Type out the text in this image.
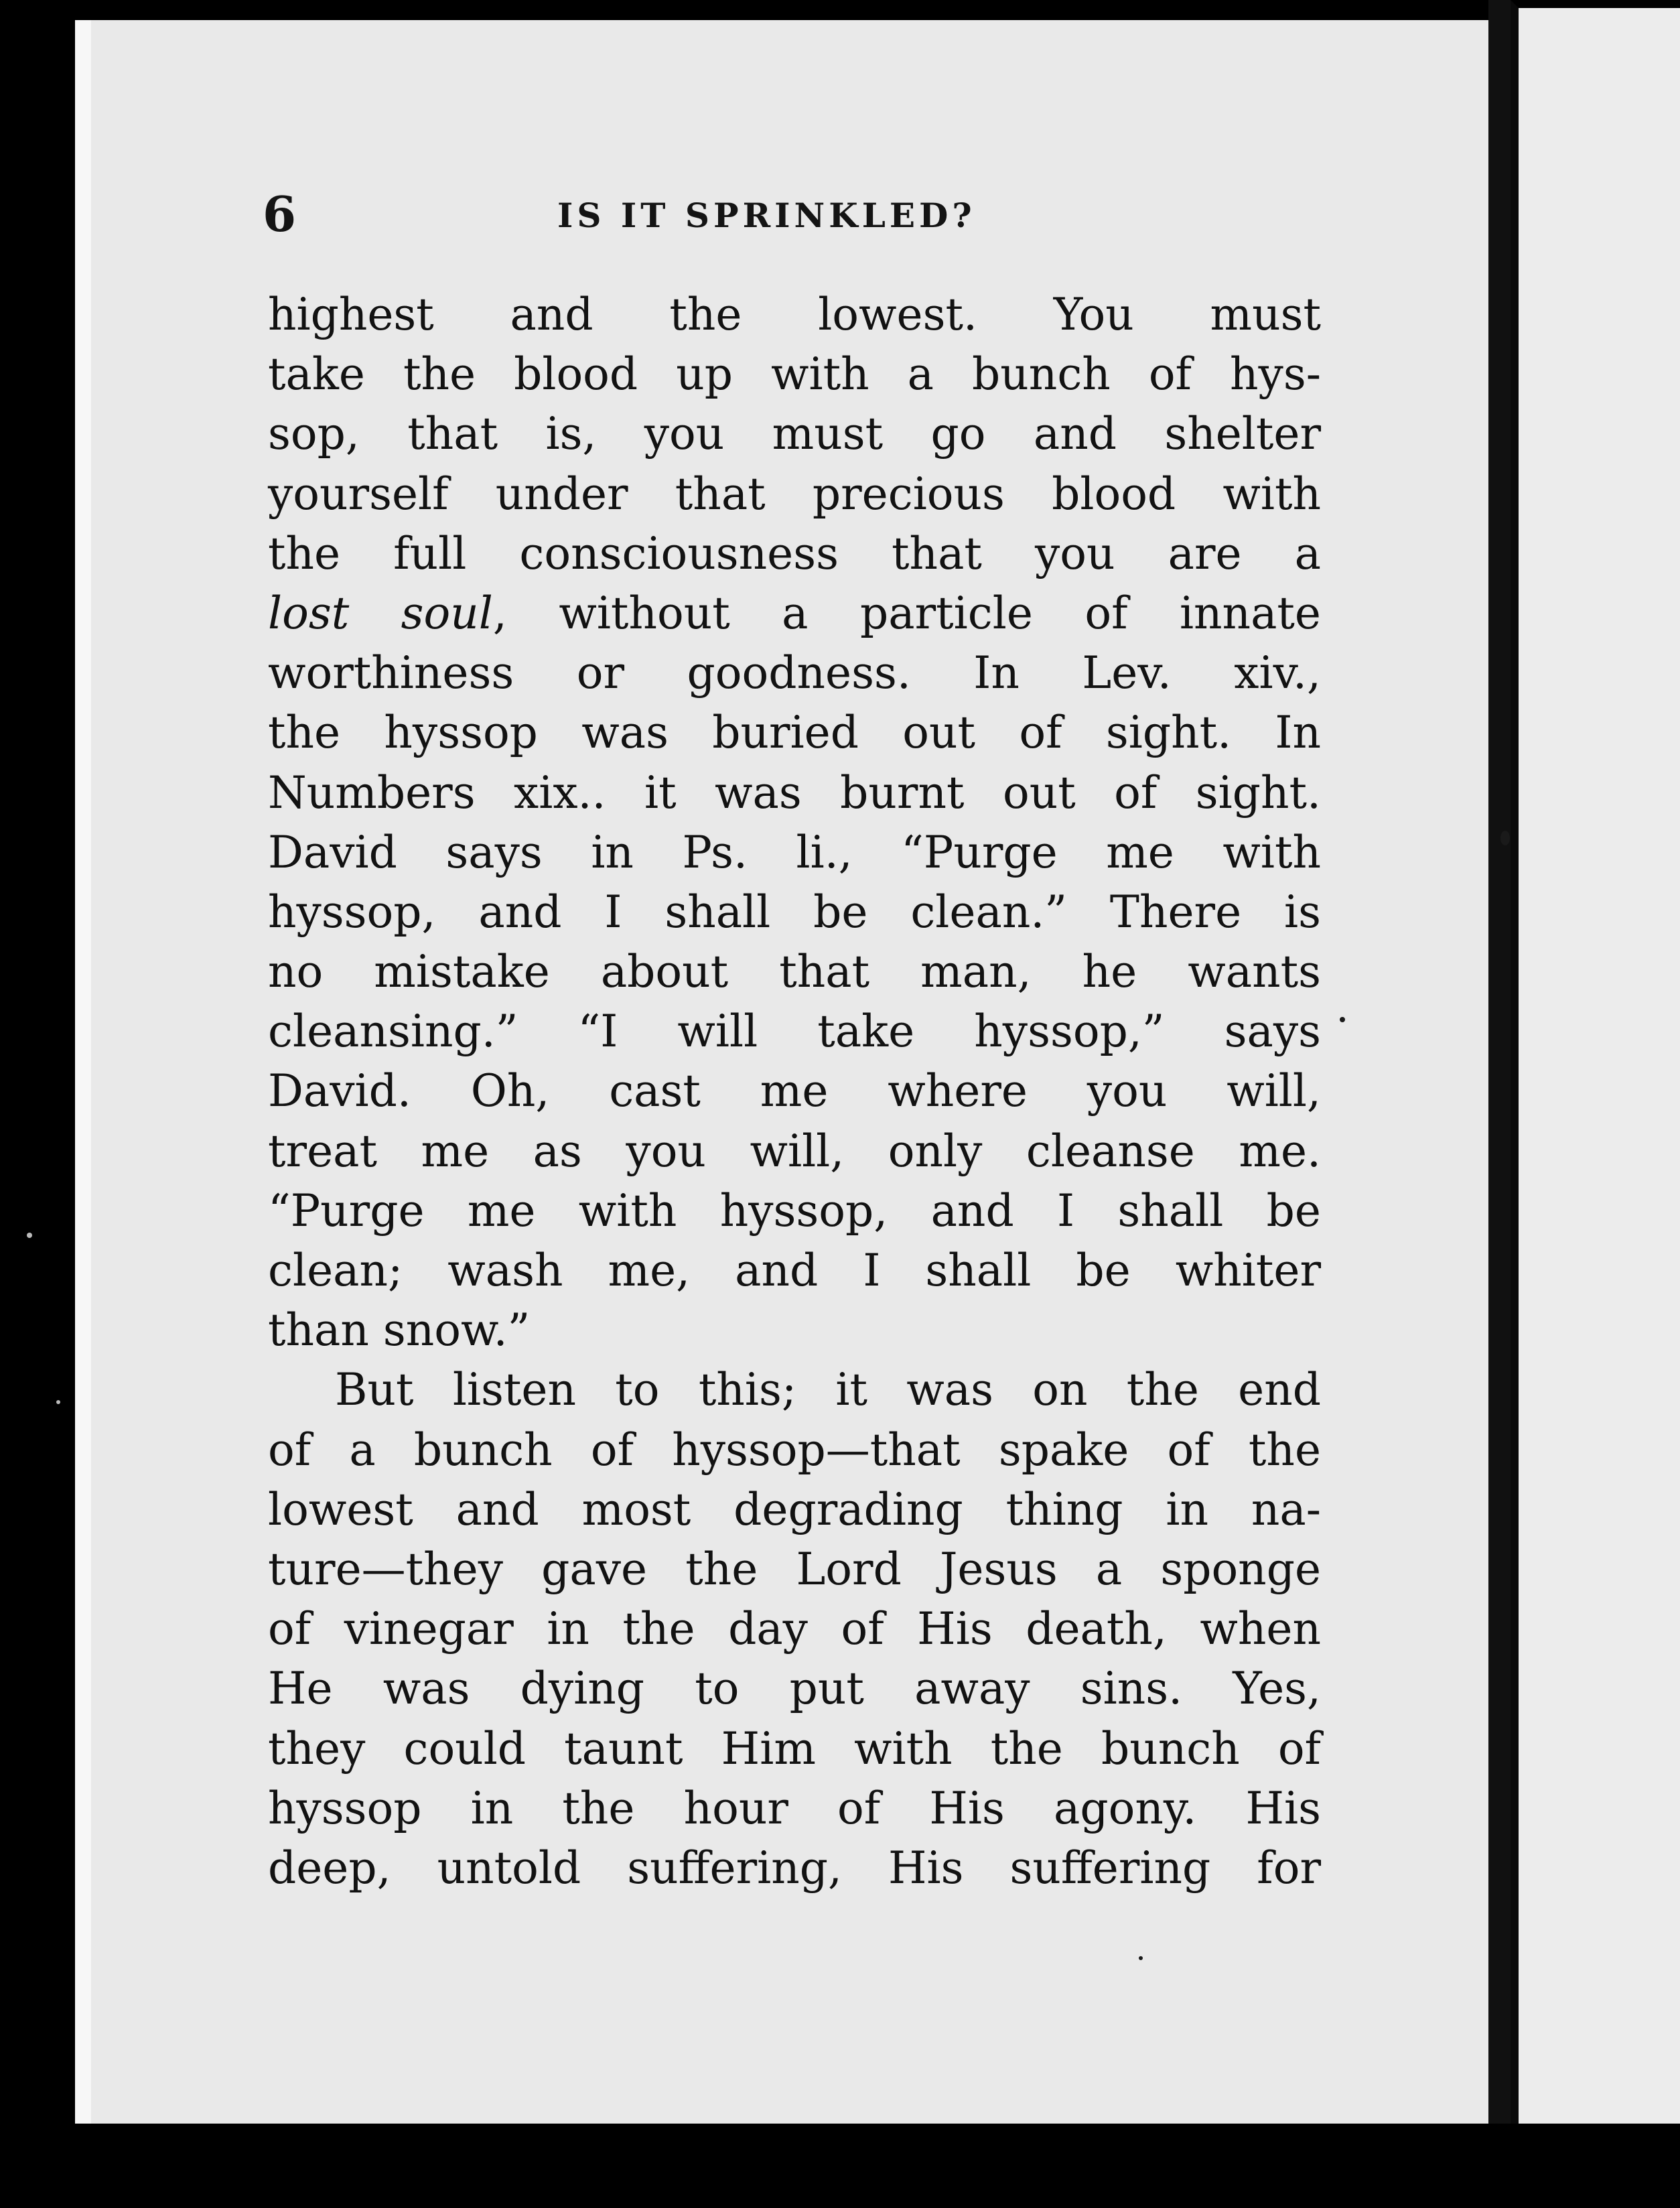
6	IS IT SPRINKLED?
highest and the lowest. You must
take the blood up with a bunch of hys-
sop, that is, you must go and shelter
yourself under that precious blood with
the full consciousness that you are a
lost soul, without a particle of innate
worthiness or goodness. In Lev. xiv.,
the hyssop was buried out of sight. In
Numbers xix.. it was burnt out of sight.
David says in Ps. li., “Purge me with
hyssop, and I shall be clean.” There is
no mistake about that man, he wants
cleansing.” “I will take hyssop,” says
David. Oh, cast me where you will,
treat me as you will, only cleanse me.
“Purge me with hyssop, and I shall be
clean; wash me, and I shall be whiter
than snow.”
But listen to this; it was on the end
of a bunch of hyssop—that spake of the
lowest and most degrading thing in na-
ture—they gave the Lord Jesus a sponge
of vinegar in the day of His death, when
He was dying to put away sins. Yes,
they could taunt Him with the bunch of
hyssop in the hour of His agony. His
deep, untold suffering, His suffering for
